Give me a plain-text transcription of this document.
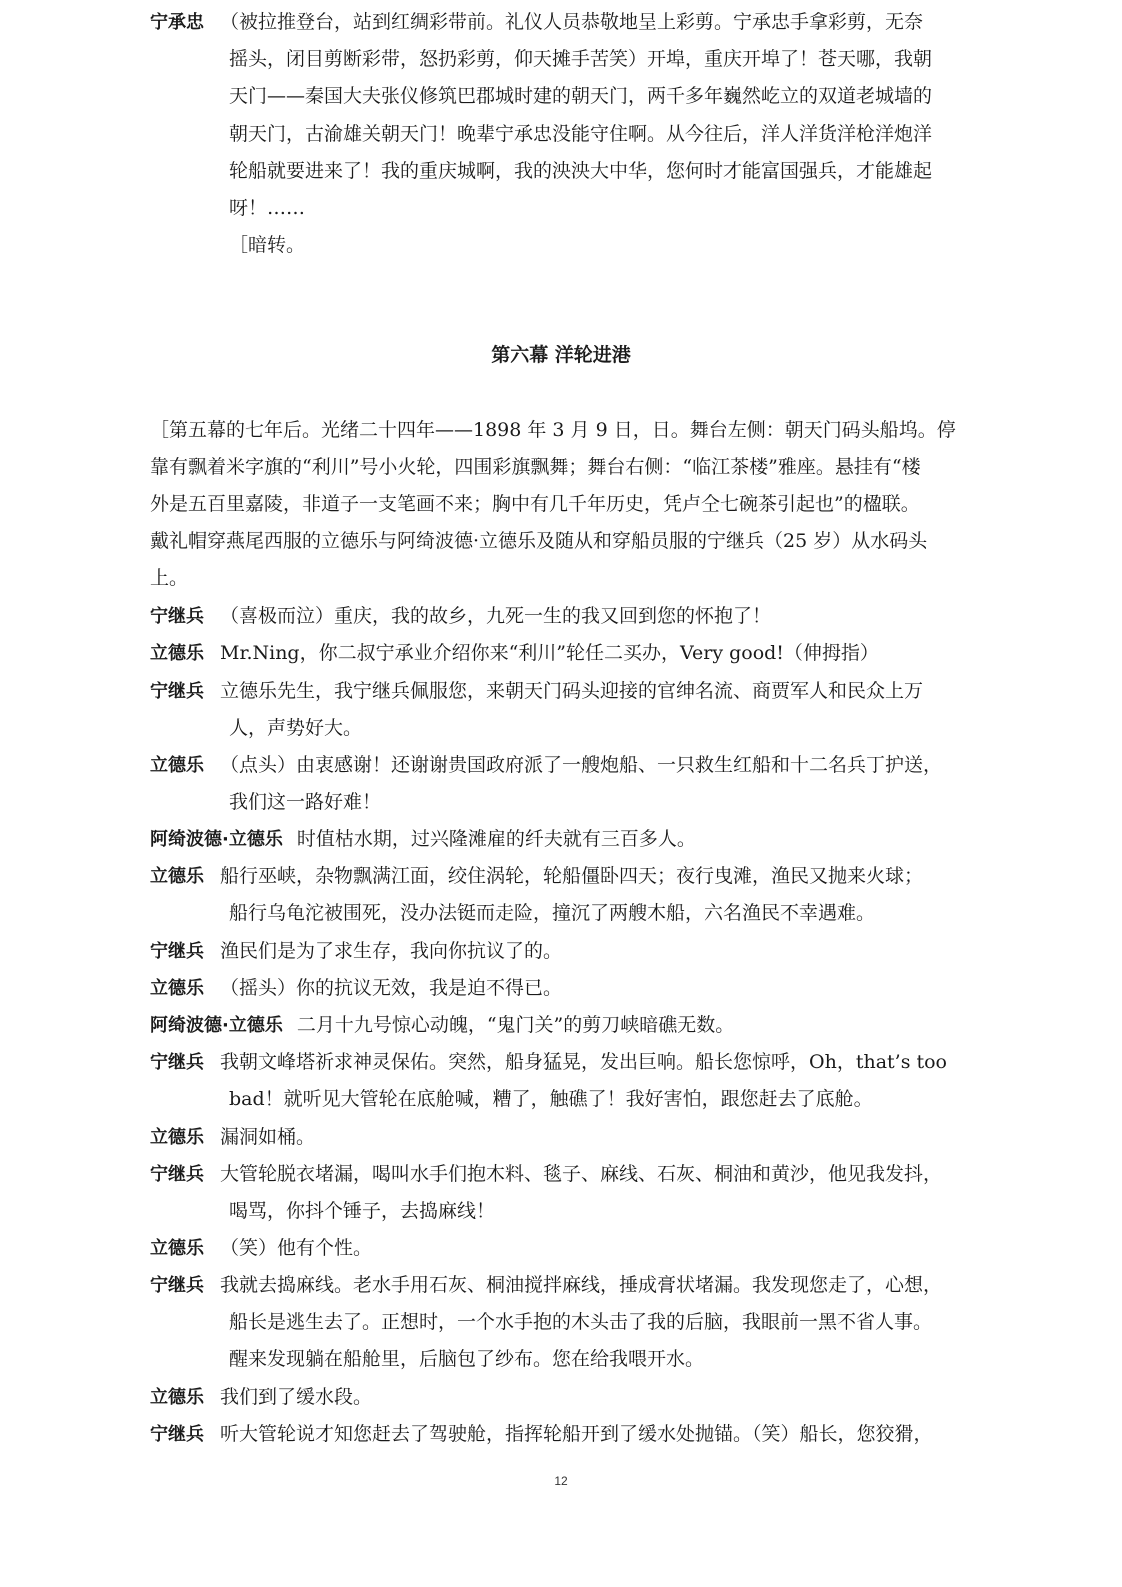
宁承忠 （被拉推登台，站到红绸彩带前。礼仪人员恭敬地呈上彩剪。宁承忠手拿彩剪，无奈
摇头，闭目剪断彩带，怒扔彩剪，仰天摊手苦笑）开埠，重庆开埠了！苍天哪，我朝
天门——秦国大夫张仪修筑巴郡城时建的朝天门，两千多年巍然屹立的双道老城墙的
朝天门，古渝雄关朝天门！晚辈宁承忠没能守住啊。从今往后，洋人洋货洋枪洋炮洋
轮船就要进来了！我的重庆城啊，我的泱泱大中华，您何时才能富国强兵，才能雄起
呀！……
［暗转。
第六幕 洋轮进港
［第五幕的七年后。光绪二十四年——1898 年 3 月 9 日，日。舞台左侧：朝天门码头船坞。停
靠有飘着米字旗的“利川”号小火轮，四围彩旗飘舞；舞台右侧：“临江茶楼”雅座。悬挂有“楼
外是五百里嘉陵，非道子一支笔画不来；胸中有几千年历史，凭卢仝七碗茶引起也”的楹联。
戴礼帽穿燕尾西服的立德乐与阿绮波德·立德乐及随从和穿船员服的宁继兵（25 岁）从水码头
上。
宁继兵 （喜极而泣）重庆，我的故乡，九死一生的我又回到您的怀抱了！
立德乐 Mr.Ning，你二叔宁承业介绍你来“利川”轮任二买办，Very good!（伸拇指）
宁继兵 立德乐先生，我宁继兵佩服您，来朝天门码头迎接的官绅名流、商贾军人和民众上万
人，声势好大。
立德乐 （点头）由衷感谢！还谢谢贵国政府派了一艘炮船、一只救生红船和十二名兵丁护送，
我们这一路好难！
阿绮波德·立德乐 时值枯水期，过兴隆滩雇的纤夫就有三百多人。
立德乐 船行巫峡，杂物飘满江面，绞住涡轮，轮船僵卧四天；夜行曳滩，渔民又抛来火球；
船行乌龟沱被围死，没办法铤而走险，撞沉了两艘木船，六名渔民不幸遇难。
宁继兵 渔民们是为了求生存，我向你抗议了的。
立德乐 （摇头）你的抗议无效，我是迫不得已。
阿绮波德·立德乐 二月十九号惊心动魄，“鬼门关”的剪刀峡暗礁无数。
宁继兵 我朝文峰塔祈求神灵保佑。突然，船身猛晃，发出巨响。船长您惊呼，Oh，that’s too
bad！就听见大管轮在底舱喊，糟了，触礁了！我好害怕，跟您赶去了底舱。
立德乐 漏洞如桶。
宁继兵 大管轮脱衣堵漏，喝叫水手们抱木料、毯子、麻线、石灰、桐油和黄沙，他见我发抖，
喝骂，你抖个锤子，去捣麻线！
立德乐 （笑）他有个性。
宁继兵 我就去捣麻线。老水手用石灰、桐油搅拌麻线，捶成膏状堵漏。我发现您走了，心想，
船长是逃生去了。正想时，一个水手抱的木头击了我的后脑，我眼前一黑不省人事。
醒来发现躺在船舱里，后脑包了纱布。您在给我喂开水。
立德乐 我们到了缓水段。
宁继兵 听大管轮说才知您赶去了驾驶舱，指挥轮船开到了缓水处抛锚。（笑）船长，您狡猾，
12
